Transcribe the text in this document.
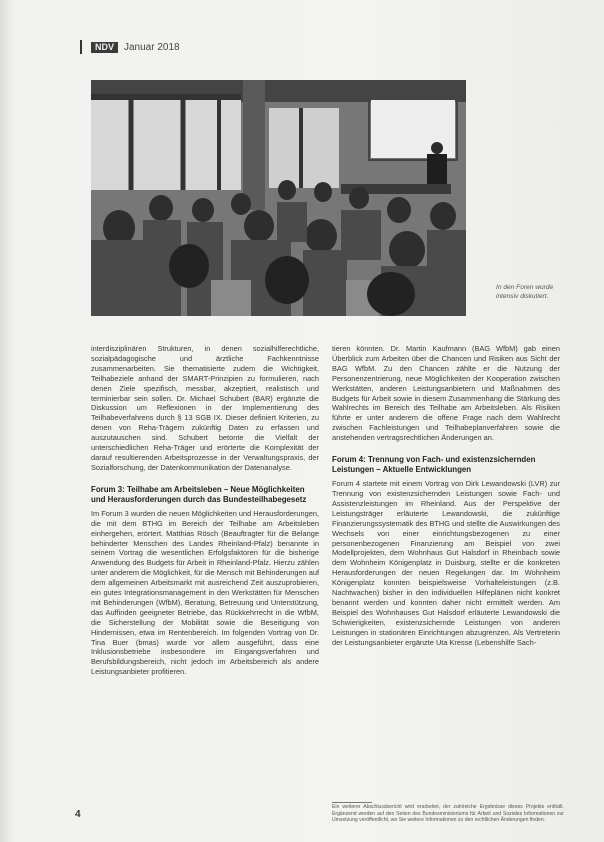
NDV Januar 2018
In den Foren wurde intensiv diskutiert.

interdisziplinären Strukturen, in denen sozialhilferechtliche, sozialpädagogische und ärztliche Fachkenntnisse zusammenarbeiten. Sie thematisierte zudem die Wichtigkeit, Teilhabeziele anhand der SMART-Prinzipien zu formulieren, nach denen Ziele spezifisch, messbar, akzeptiert, realistisch und terminierbar sein sollen. Dr. Michael Schubert (BAR) ergänzte die Diskussion um Reflexionen in der Implementierung des Teilhabeverfahrens durch § 13 SGB IX. Dieser definiert Kriterien, zu denen von Reha-Trägern zukünftig Daten zu erfassen und auszutauschen sind. Schubert betonte die Vielfalt der unterschiedlichen Reha-Träger und erörterte die Komplexität der darauf resultierenden Arbeitsprozesse in der Verwaltungspraxis, der Sozialforschung, der Datenkommunikation der Datenanalyse.

Forum 3: Teilhabe am Arbeitsleben – Neue Möglichkeiten und Herausforderungen durch das Bundesteilhabegesetz

Im Forum 3 wurden die neuen Möglichkeiten und Herausforderungen, die mit dem BTHG im Bereich der Teilhabe am Arbeitsleben einhergehen, erörtert. Matthias Rösch (Beauftragter für die Belange behinderter Menschen des Landes Rheinland-Pfalz) benannte in seinem Vortrag die wesentlichen Erfolgsfaktoren für die bisherige Anwendung des Budgets für Arbeit in Rheinland-Pfalz. Hierzu zählen unter anderem die Möglichkeit, für die Mensch mit Behinderungen auf dem allgemeinen Arbeitsmarkt mit ausreichend Zeit auszuprobieren, ein gutes Integrationsmanagement in den Werkstätten für Menschen mit Behinderungen (WfbM), Beratung, Betreuung und Unterstützung, das Auffinden geeigneter Betriebe, das Rückkehrrecht in die WfbM, die Sicherstellung der Mobilität sowie die Beseitigung von Hindernissen, etwa im Rentenbereich. Im folgenden Vortrag von Dr. Tina Buer (bmas) wurde vor allem ausgeführt, dass eine Inklusionsbetriebe insbesondere im Eingangsverfahren und Berufsbildungsbereich, nicht jedoch im Arbeitsbereich als andere Leistungsanbieter profitieren.

tieren könnten. Dr. Martin Kaufmann (BAG WfbM) gab einen Überblick zum Arbeiten über die Chancen und Risiken aus Sicht der BAG WfbM. Zu den Chancen zählte er die Nutzung der Personenzentrierung, neue Möglichkeiten der Kooperation zwischen Werkstätten, anderen Leistungsanbietern und Maßnahmen des Budgets für Arbeit sowie in diesem Zusammenhang die Stärkung des Wahlrechts im Bereich des Teilhabe am Arbeitsleben. Als Risiken führte er unter anderem die offene Frage nach dem Wahlrecht zwischen Fachleistungen und Teilhabeplanverfahren sowie die anstehenden vertragsrechtlichen Änderungen an.

Forum 4: Trennung von Fach- und existenzsichernden Leistungen – Aktuelle Entwicklungen

Forum 4 startete mit einem Vortrag von Dirk Lewandowski (LVR) zur Trennung von existenzsichernden Leistungen sowie Fach- und Assistenzleistungen im Rheinland. Aus der Perspektive der Leistungsträger erläuterte Lewandowski, die zukünftige Finanzierungssystematik des BTHG und stellte die Auswirkungen des Wechsels von einer einrichtungsbezogenen zu einer personenbezogenen Finanzierung am Beispiel von zwei Modellprojekten, dem Wohnhaus Gut Halsdorf in Rheinbach sowie dem Wohnheim Königenplatz in Duisburg, stellte er die konkreten Herausforderungen der neuen Regelungen dar. Im Wohnheim Königenplatz konnten beispielsweise Vorhalteleistungen (z.B. Nachtwachen) bisher in den individuellen Hilfeplänen nicht konkret benannt werden und konnten daher nicht ermittelt werden. Am Beispiel des Wohnhauses Gut Halsdorf erläuterte Lewandowski die Schwierigkeiten, existenzsichernde Leistungen von anderen Leistungen in stationären Einrichtungen abzugrenzen. Als Vertreterin der Leistungsanbieter ergänzte Uta Kresse (Lebenshilfe Sach-

Ein weiterer Abschlussbericht wird erarbeitet, der zahlreiche Ergebnisse dieses Projekts enthält. Ergänzend werden auf den Seiten des Bundesministeriums für Arbeit und Soziales Informationen zur Umsetzung veröffentlicht, wo Sie weitere Informationen zu den rechtlichen Änderungen finden.
4
